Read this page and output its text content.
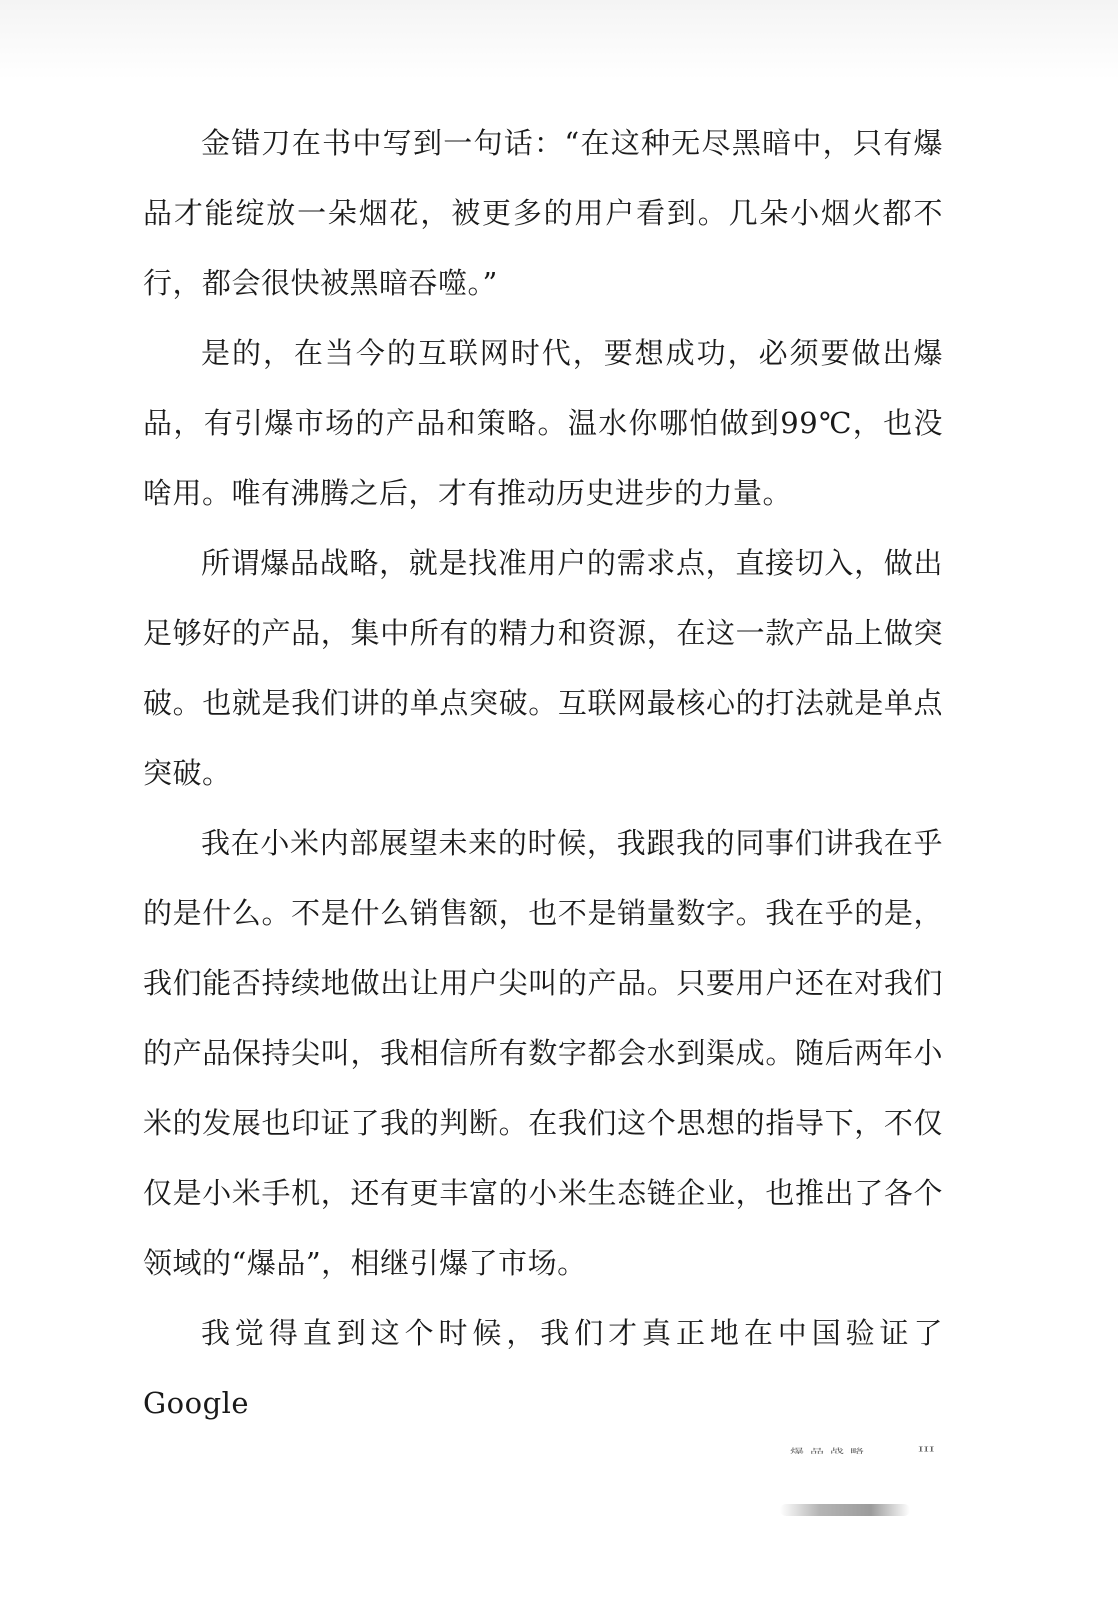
金错刀在书中写到一句话：“在这种无尽黑暗中，只有爆品才能绽放一朵烟花，被更多的用户看到。几朵小烟火都不行，都会很快被黑暗吞噬。”

是的，在当今的互联网时代，要想成功，必须要做出爆品，有引爆市场的产品和策略。温水你哪怕做到99℃，也没啥用。唯有沸腾之后，才有推动历史进步的力量。

所谓爆品战略，就是找准用户的需求点，直接切入，做出足够好的产品，集中所有的精力和资源，在这一款产品上做突破。也就是我们讲的单点突破。互联网最核心的打法就是单点突破。

我在小米内部展望未来的时候，我跟我的同事们讲我在乎的是什么。不是什么销售额，也不是销量数字。我在乎的是，我们能否持续地做出让用户尖叫的产品。只要用户还在对我们的产品保持尖叫，我相信所有数字都会水到渠成。随后两年小米的发展也印证了我的判断。在我们这个思想的指导下，不仅仅是小米手机，还有更丰富的小米生态链企业，也推出了各个领域的“爆品”，相继引爆了市场。

我觉得直到这个时候，我们才真正地在中国验证了Google

爆品战略	III
